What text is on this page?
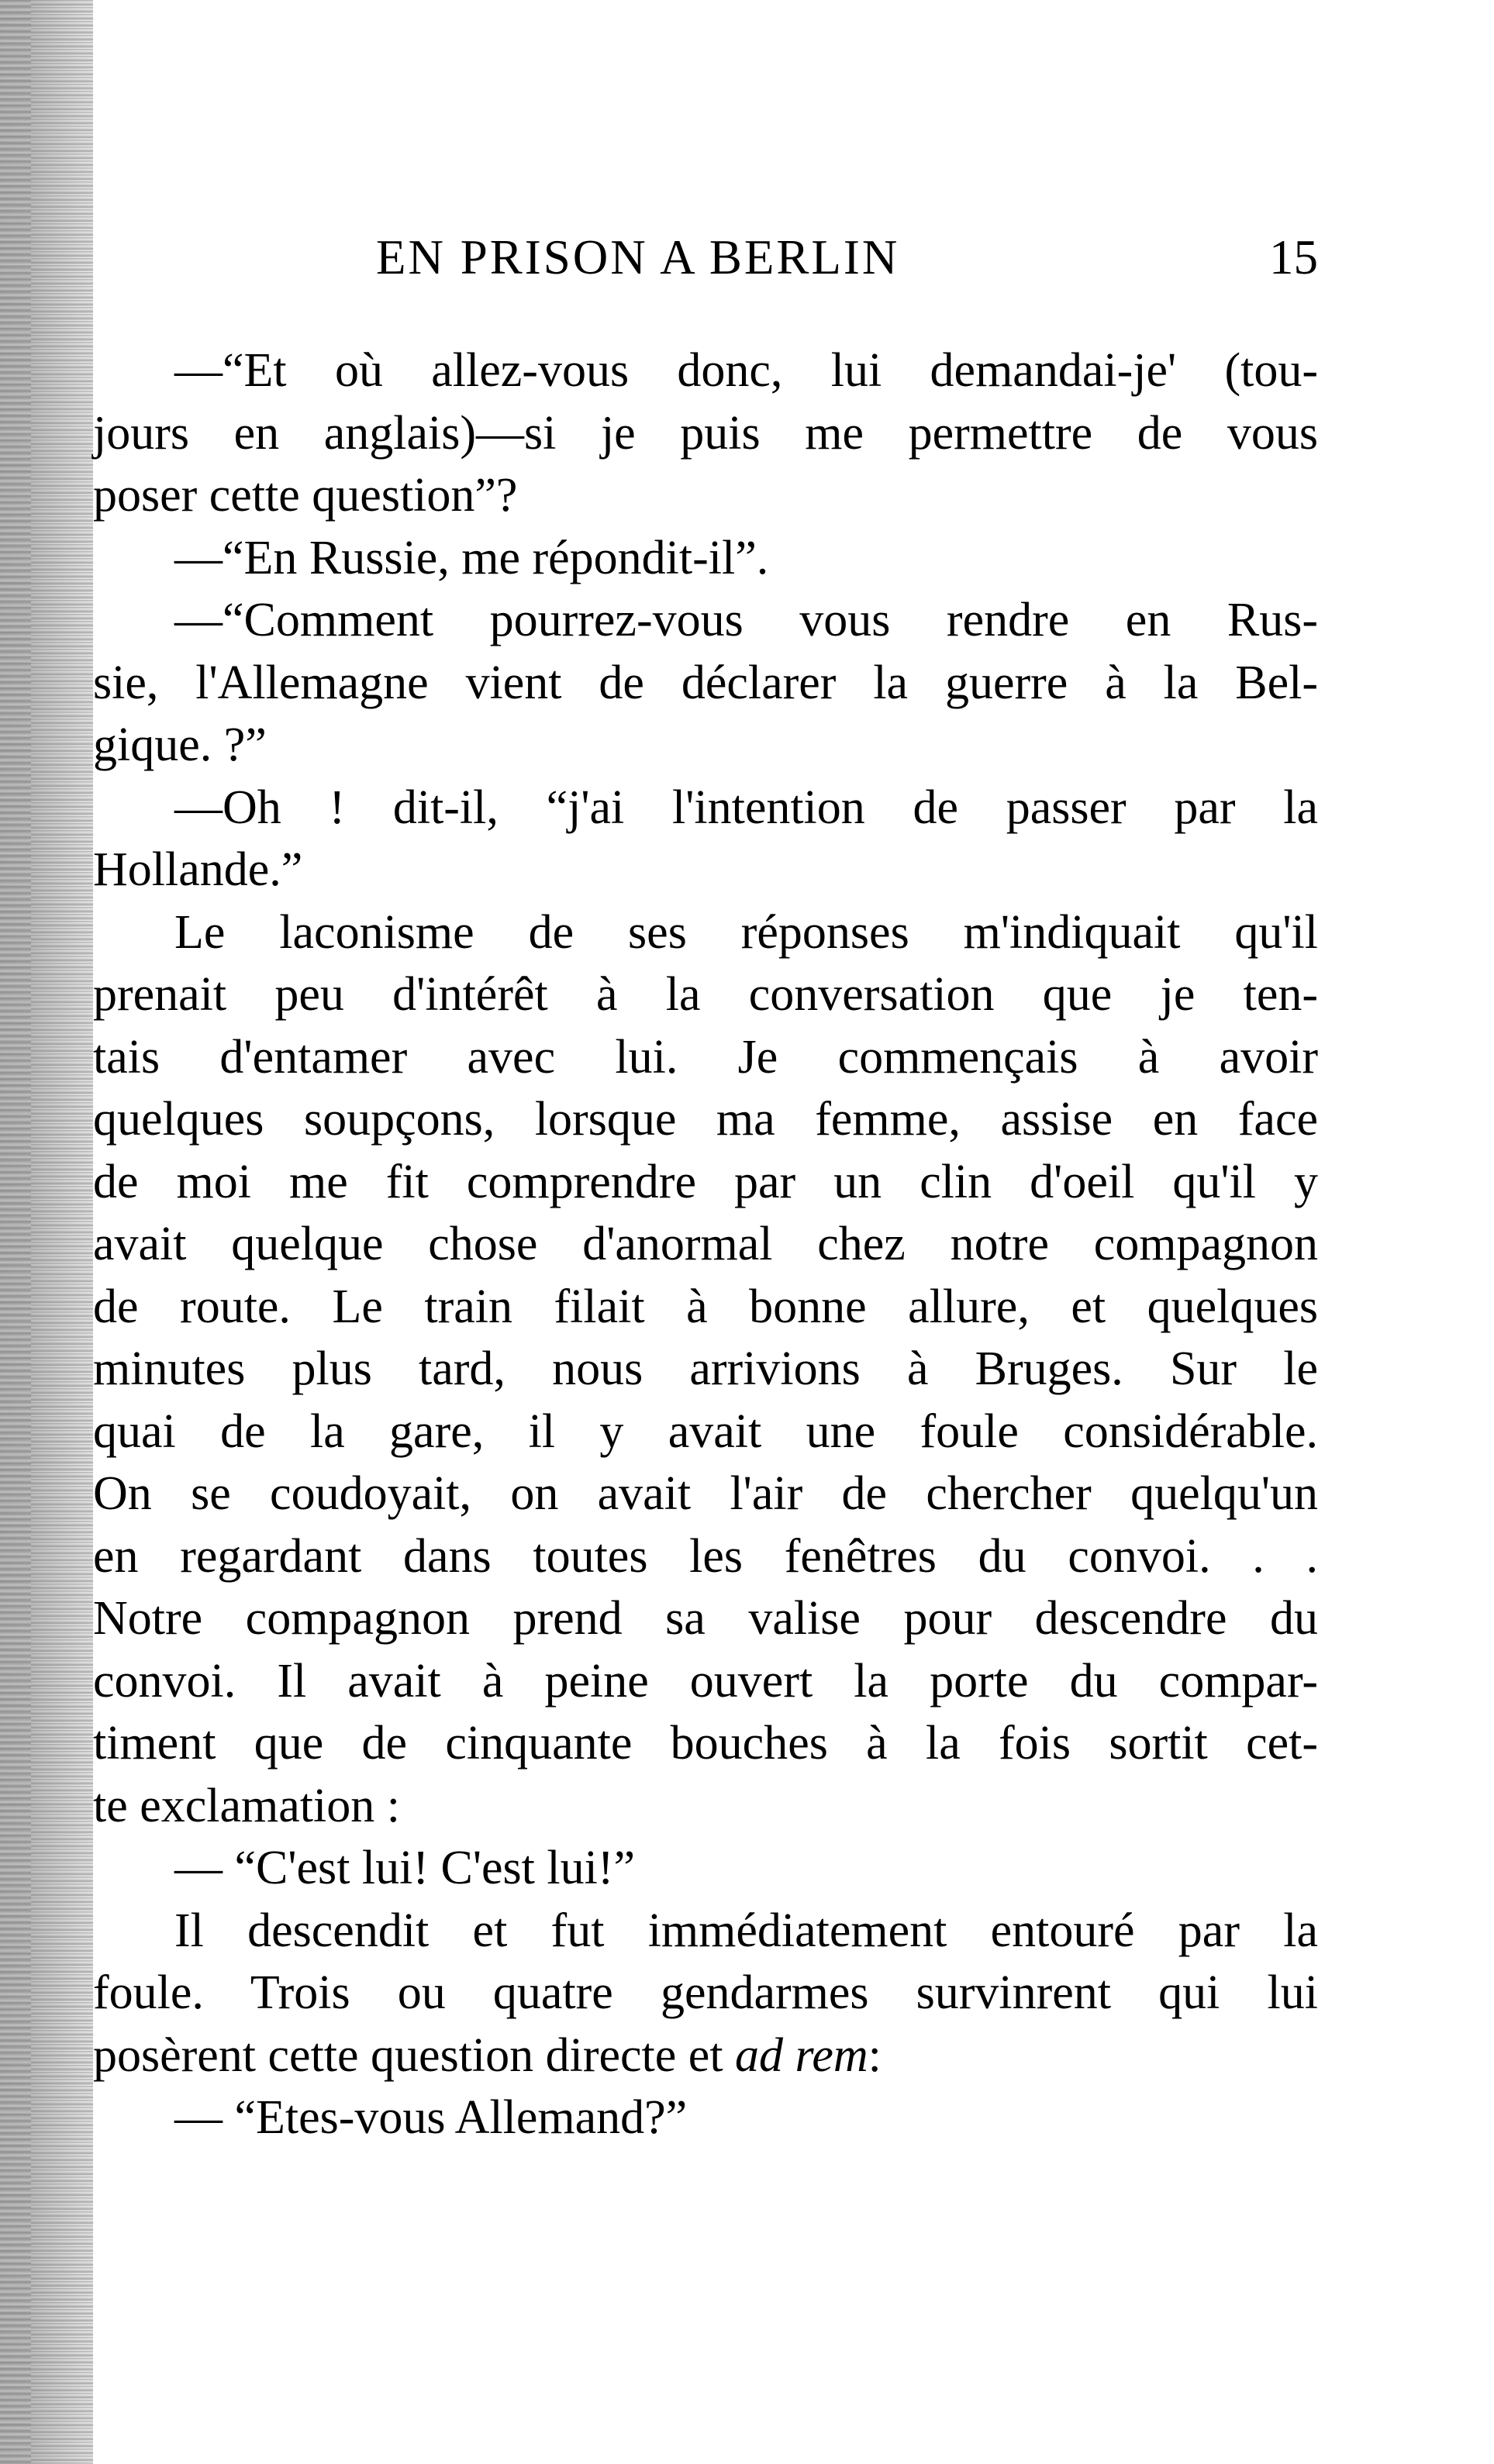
EN PRISON A BERLIN	15
—“Et où allez-vous donc, lui demandai-je' (tou-
jours en anglais)—si je puis me permettre de vous
poser cette question”?
—“En Russie, me répondit-il”.
—“Comment pourrez-vous vous rendre en Rus-
sie, l'Allemagne vient de déclarer la guerre à la Bel-
gique. ?”
—Oh ! dit-il, “j'ai l'intention de passer par la
Hollande.”
Le laconisme de ses réponses m'indiquait qu'il
prenait peu d'intérêt à la conversation que je ten-
tais d'entamer avec lui. Je commençais à avoir
quelques soupçons, lorsque ma femme, assise en face
de moi me fit comprendre par un clin d'oeil qu'il y
avait quelque chose d'anormal chez notre compagnon
de route. Le train filait à bonne allure, et quelques
minutes plus tard, nous arrivions à Bruges. Sur le
quai de la gare, il y avait une foule considérable.
On se coudoyait, on avait l'air de chercher quelqu'un
en regardant dans toutes les fenêtres du convoi. . .
Notre compagnon prend sa valise pour descendre du
convoi. Il avait à peine ouvert la porte du compar-
timent que de cinquante bouches à la fois sortit cet-
te exclamation :
— “C'est lui! C'est lui!”
Il descendit et fut immédiatement entouré par la
foule. Trois ou quatre gendarmes survinrent qui lui
posèrent cette question directe et ad rem:
— “Etes-vous Allemand?”
